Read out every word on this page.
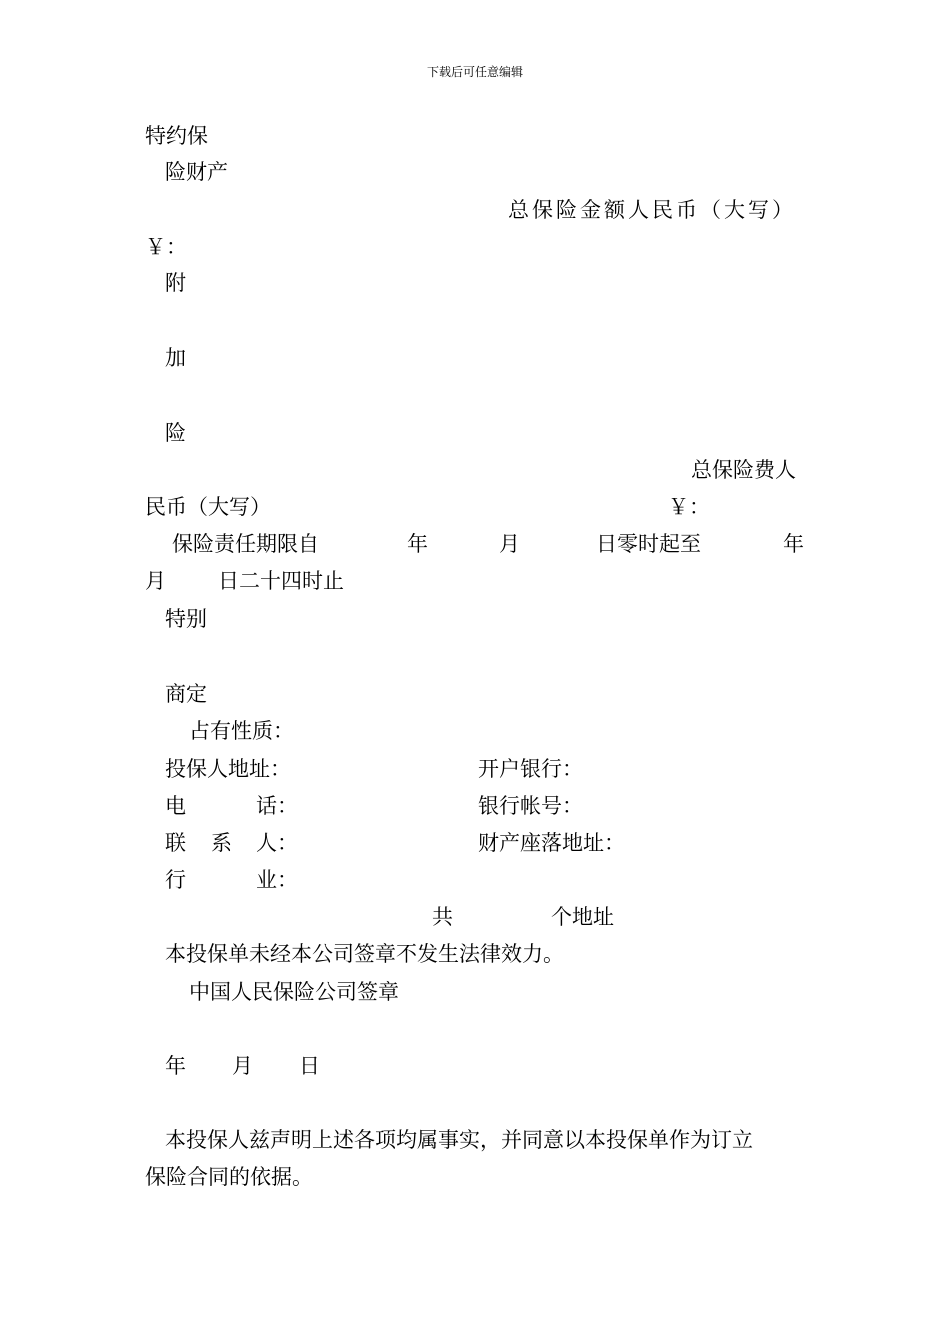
下载后可任意编辑
特约保
险财产
总保险金额人民币（大写）
￥：
附
加
险
总保险费人
民币（大写）	￥：
保险责任期限自	年	月	日零时起至	年
月 日二十四时止
特别
商定
占有性质：
投保人地址：	开户银行：
电	话：	银行帐号：
联 系 人：	财产座落地址：
行	业：
共	个地址
本投保单未经本公司签章不发生法律效力。
中国人民保险公司签章
年 月 日
本投保人兹声明上述各项均属事实，并同意以本投保单作为订立
保险合同的依据。
